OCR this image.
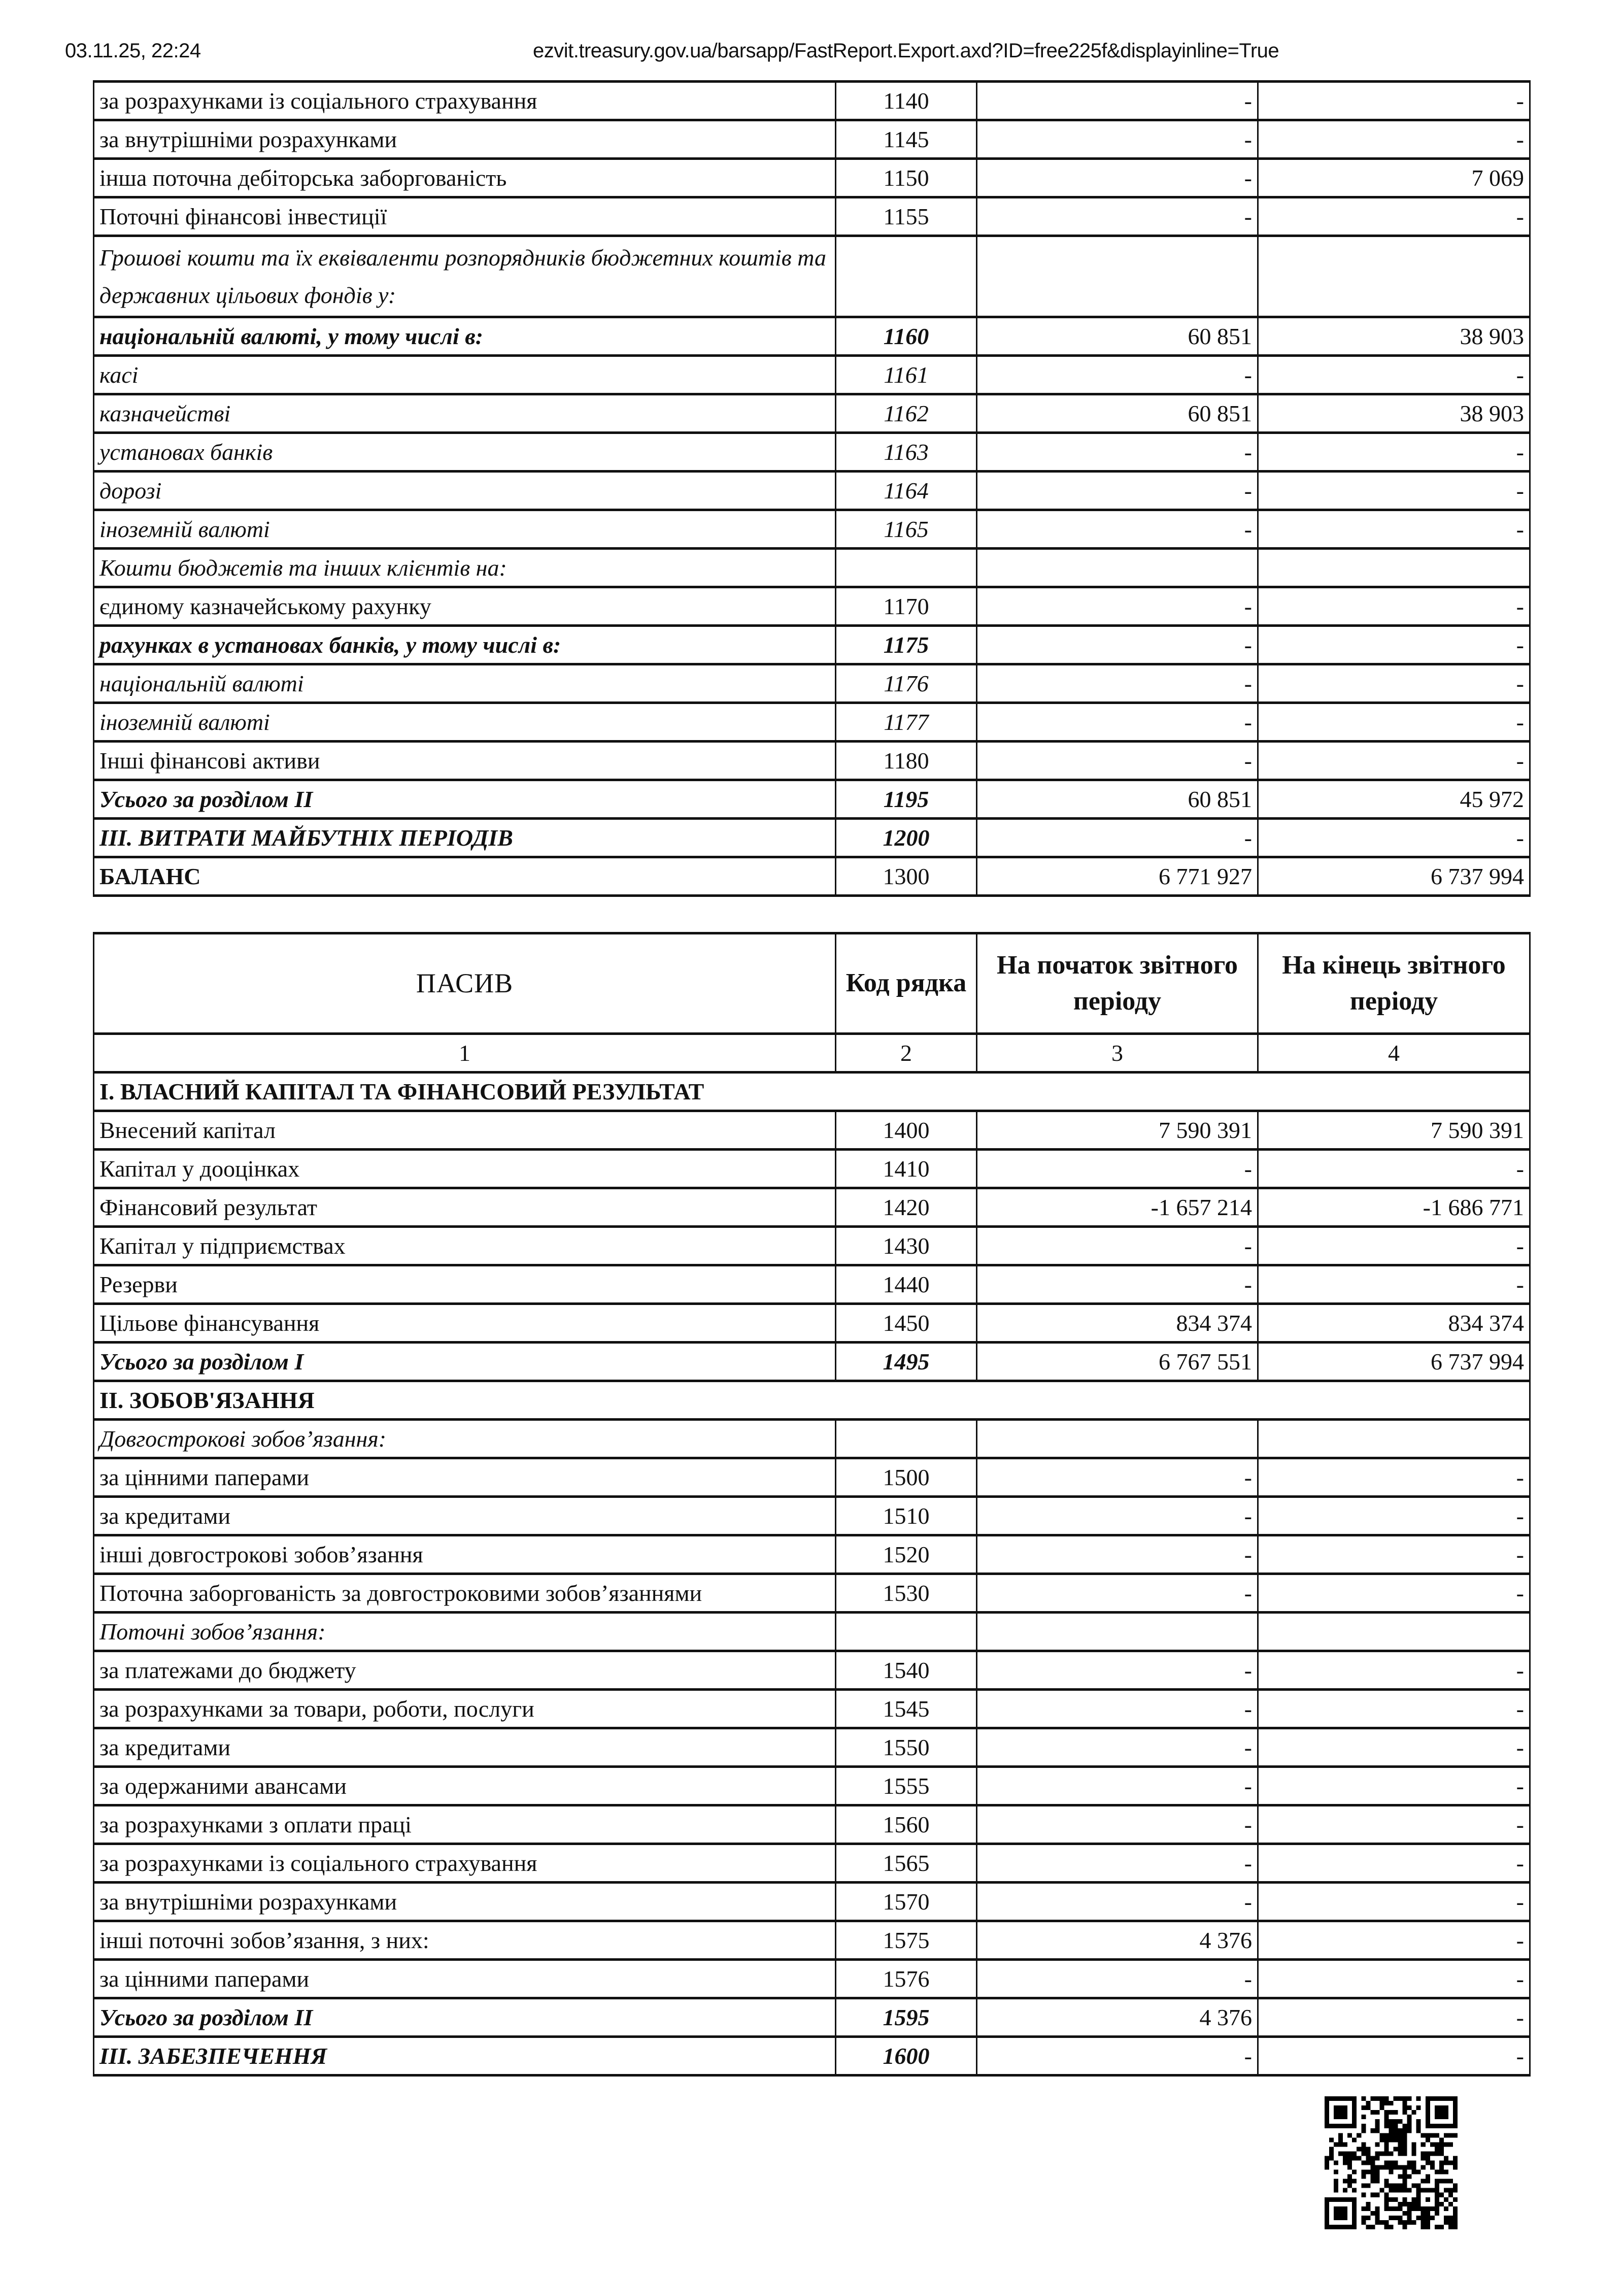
03.11.25, 22:24	ezvit.treasury.gov.ua/barsapp/FastReport.Export.axd?ID=free225f&displayinline=True
за розрахунками із соціального страхування	1140	-	-
за внутрішніми розрахунками	1145	-	-
інша поточна дебіторська заборгованість	1150	-	7 069
Поточні фінансові інвестиції	1155	-	-
Грошові кошти та їх еквіваленти розпорядників бюджетних коштів та державних цільових фондів у:			
національній валюті, у тому числі в:	1160	60 851	38 903
касі	1161	-	-
казначействі	1162	60 851	38 903
установах банків	1163	-	-
дорозі	1164	-	-
іноземній валюті	1165	-	-
Кошти бюджетів та інших клієнтів на:			
єдиному казначейському рахунку	1170	-	-
рахунках в установах банків, у тому числі в:	1175	-	-
національній валюті	1176	-	-
іноземній валюті	1177	-	-
Інші фінансові активи	1180	-	-
Усього за розділом II	1195	60 851	45 972
III. ВИТРАТИ МАЙБУТНІХ ПЕРІОДІВ	1200	-	-
БАЛАНС	1300	6 771 927	6 737 994
ПАСИВ	Код рядка	На початок звітного періоду	На кінець звітного періоду
1	2	3	4
I. ВЛАСНИЙ КАПІТАЛ ТА ФІНАНСОВИЙ РЕЗУЛЬТАТ			
Внесений капітал	1400	7 590 391	7 590 391
Капітал у дооцінках	1410	-	-
Фінансовий результат	1420	-1 657 214	-1 686 771
Капітал у підприємствах	1430	-	-
Резерви	1440	-	-
Цільове фінансування	1450	834 374	834 374
Усього за розділом I	1495	6 767 551	6 737 994
II. ЗОБОВ'ЯЗАННЯ			
Довгострокові зобов’язання:			
за цінними паперами	1500	-	-
за кредитами	1510	-	-
інші довгострокові зобов’язання	1520	-	-
Поточна заборгованість за довгостроковими зобов’язаннями	1530	-	-
Поточні зобов’язання:			
за платежами до бюджету	1540	-	-
за розрахунками за товари, роботи, послуги	1545	-	-
за кредитами	1550	-	-
за одержаними авансами	1555	-	-
за розрахунками з оплати праці	1560	-	-
за розрахунками із соціального страхування	1565	-	-
за внутрішніми розрахунками	1570	-	-
інші поточні зобов’язання, з них:	1575	4 376	-
за цінними паперами	1576	-	-
Усього за розділом II	1595	4 376	-
III. ЗАБЕЗПЕЧЕННЯ	1600	-	-
